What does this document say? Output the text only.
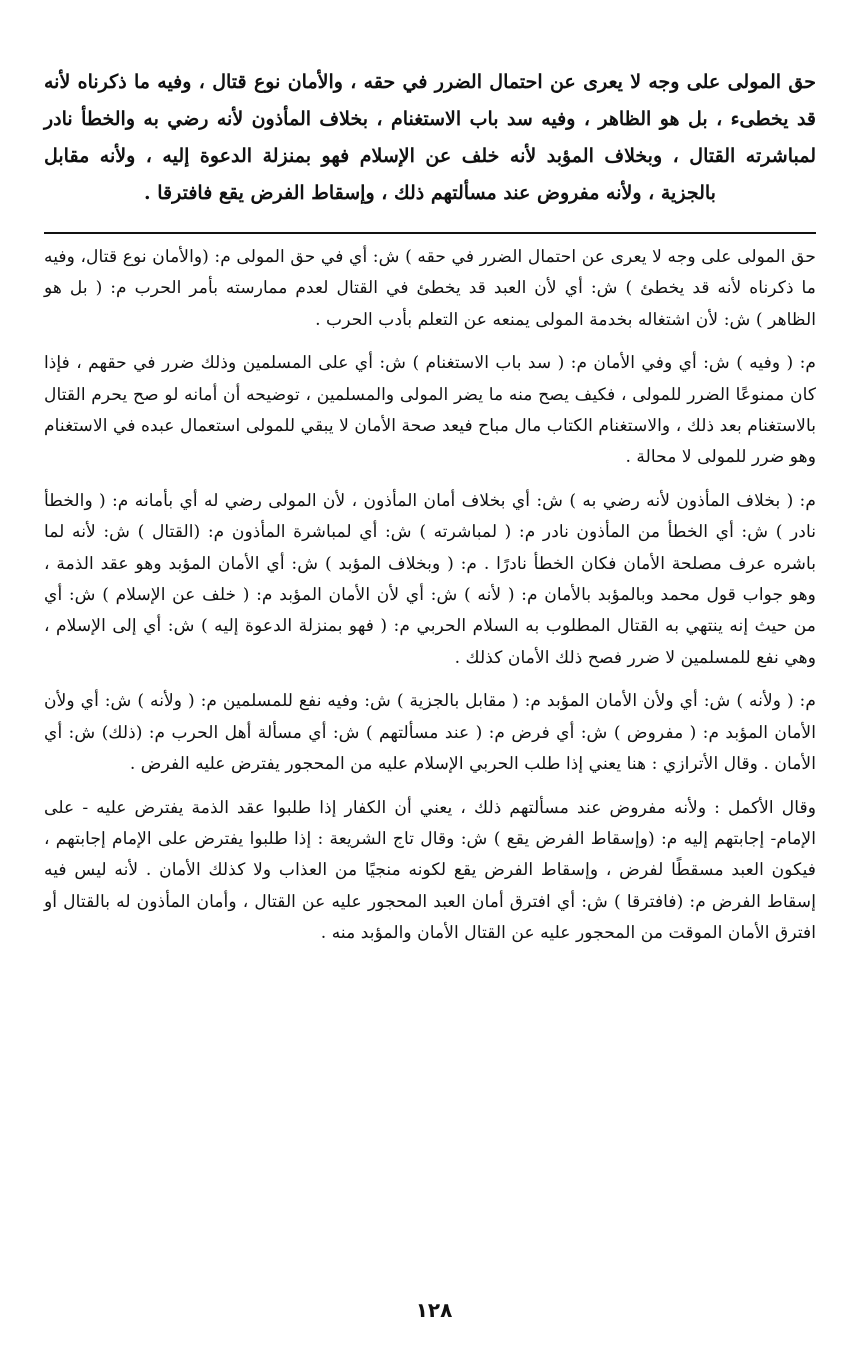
حق المولى على وجه لا يعرى عن احتمال الضرر في حقه ، والأمان نوع قتال ، وفيه ما ذكرناه لأنه قد يخطىء ، بل هو الظاهر ، وفيه سد باب الاستغنام ، بخلاف المأذون لأنه رضي به والخطأ نادر لمباشرته القتال ، وبخلاف المؤبد لأنه خلف عن الإسلام فهو بمنزلة الدعوة إليه ، ولأنه مقابل بالجزية ، ولأنه مفروض عند مسألتهم ذلك ، وإسقاط الفرض يقع فافترقا .

حق المولى على وجه لا يعرى عن احتمال الضرر في حقه ) ش: أي في حق المولى م: (والأمان نوع قتال، وفيه ما ذكرناه لأنه قد يخطئ ) ش: أي لأن العبد قد يخطئ في القتال لعدم ممارسته بأمر الحرب م: ( بل هو الظاهر ) ش: لأن اشتغاله بخدمة المولى يمنعه عن التعلم بأدب الحرب .

م: ( وفيه ) ش: أي وفي الأمان م: ( سد باب الاستغنام ) ش: أي على المسلمين وذلك ضرر في حقهم ، فإذا كان ممنوعًا الضرر للمولى ، فكيف يصح منه ما يضر المولى والمسلمين ، توضيحه أن أمانه لو صح يحرم القتال بالاستغنام بعد ذلك ، والاستغنام الكتاب مال مباح فيعد صحة الأمان لا يبقي للمولى استعمال عبده في الاستغنام وهو ضرر للمولى لا محالة .

م: ( بخلاف المأذون لأنه رضي به ) ش: أي بخلاف أمان المأذون ، لأن المولى رضي له أي بأمانه م: ( والخطأ نادر ) ش: أي الخطأ من المأذون نادر م: ( لمباشرته ) ش: أي لمباشرة المأذون م: (القتال ) ش: لأنه لما باشره عرف مصلحة الأمان فكان الخطأ نادرًا . م: ( وبخلاف المؤبد ) ش: أي الأمان المؤبد وهو عقد الذمة ، وهو جواب قول محمد وبالمؤبد بالأمان م: ( لأنه ) ش: أي لأن الأمان المؤبد م: ( خلف عن الإسلام ) ش: أي من حيث إنه ينتهي به القتال المطلوب به السلام الحربي م: ( فهو بمنزلة الدعوة إليه ) ش: أي إلى الإسلام ، وهي نفع للمسلمين لا ضرر فصح ذلك الأمان كذلك .

م: ( ولأنه ) ش: أي ولأن الأمان المؤبد م: ( مقابل بالجزية ) ش: وفيه نفع للمسلمين م: ( ولأنه ) ش: أي ولأن الأمان المؤبد م: ( مفروض ) ش: أي فرض م: ( عند مسألتهم ) ش: أي مسألة أهل الحرب م: (ذلك) ش: أي الأمان . وقال الأترازي : هنا يعني إذا طلب الحربي الإسلام عليه من المحجور يفترض عليه الفرض .

وقال الأكمل : ولأنه مفروض عند مسألتهم ذلك ، يعني أن الكفار إذا طلبوا عقد الذمة يفترض عليه - على الإمام- إجابتهم إليه م: (وإسقاط الفرض يقع ) ش: وقال تاج الشريعة : إذا طلبوا يفترض على الإمام إجابتهم ، فيكون العبد مسقطًا لفرض ، وإسقاط الفرض يقع لكونه منجيًا من العذاب ولا كذلك الأمان . لأنه ليس فيه إسقاط الفرض م: (فافترقا ) ش: أي افترق أمان العبد المحجور عليه عن القتال ، وأمان المأذون له بالقتال أو افترق الأمان الموقت من المحجور عليه عن القتال الأمان والمؤبد منه .

١٢٨
